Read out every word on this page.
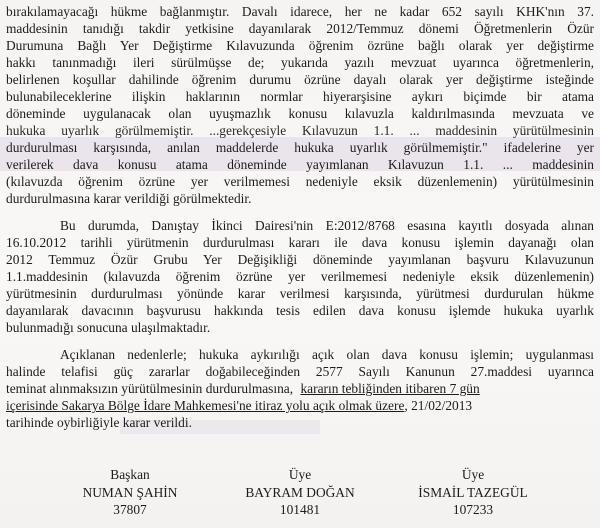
bırakılamayacağı hükme bağlanmıştır. Davalı idarece, her ne kadar 652 sayılı KHK'nın 37.
maddesinin tanıdığı takdir yetkisine dayanılarak 2012/Temmuz dönemi Öğretmenlerin Özür
Durumuna Bağlı Yer Değiştirme Kılavuzunda öğrenim özrüne bağlı olarak yer değiştirme
hakkı tanınmadığı ileri sürülmüşse de; yukarıda yazılı mevzuat uyarınca öğretmenlerin,
belirlenen koşullar dahilinde öğrenim durumu özrüne dayalı olarak yer değiştirme isteğinde
bulunabileceklerine ilişkin haklarının normlar hiyerarşisine aykırı biçimde bir atama
döneminde uygulanacak olan uyuşmazlık konusu kılavuzla kaldırılmasında mevzuata ve
hukuka uyarlık görülmemiştir. ...gerekçesiyle Kılavuzun 1.1. ... maddesinin yürütülmesinin
durdurulması karşısında, anılan maddelerde hukuka uyarlık görülmemiştir." ifadelerine yer
verilerek dava konusu atama döneminde yayımlanan Kılavuzun 1.1. ... maddesinin
(kılavuzda öğrenim özrüne yer verilmemesi nedeniyle eksik düzenlemenin) yürütülmesinin
durdurulmasına karar verildiği görülmektedir.
Bu durumda, Danıştay İkinci Dairesi'nin E:2012/8768 esasına kayıtlı dosyada alınan
16.10.2012 tarihli yürütmenin durdurulması kararı ile dava konusu işlemin dayanağı olan
2012 Temmuz Özür Grubu Yer Değişikliği döneminde yayımlanan başvuru Kılavuzunun
1.1.maddesinin (kılavuzda öğrenim özrüne yer verilmemesi nedeniyle eksik düzenlemenin)
yürütmesinin durdurulması yönünde karar verilmesi karşısında, yürütmesi durdurulan hükme
dayanılarak davacının başvurusu hakkında tesis edilen dava konusu işlemde hukuka uyarlık
bulunmadığı sonucuna ulaşılmaktadır.
Açıklanan nedenlerle; hukuka aykırılığı açık olan dava konusu işlemin; uygulanması
halinde telafisi güç zararlar doğabileceğinden 2577 Sayılı Kanunun 27.maddesi uyarınca
teminat alınmaksızın yürütülmesinin durdurulmasına, kararın tebliğinden itibaren 7 gün
içerisinde Sakarya Bölge İdare Mahkemesi'ne itiraz yolu açık olmak üzere, 21/02/2013
tarihinde oybirliğiyle karar verildi.
Başkan
NUMAN ŞAHİN
37807
Üye
BAYRAM DOĞAN
101481
Üye
İSMAİL TAZEGÜL
107233
